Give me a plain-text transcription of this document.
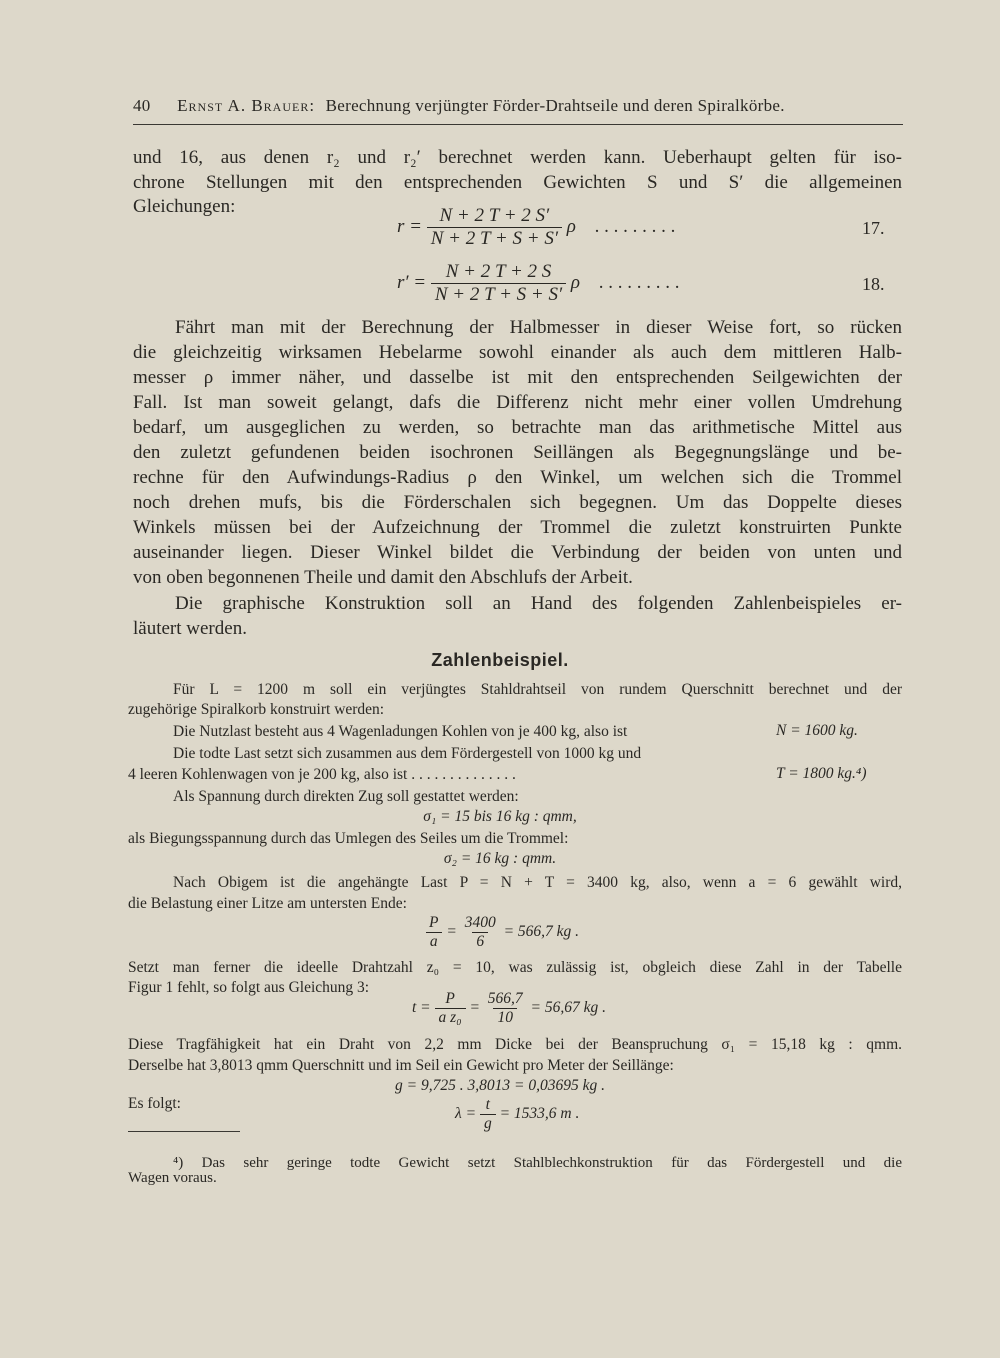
40 Ernst A. Brauer: Berechnung verjüngter Förder-Drahtseile und deren Spiralkörbe.
und 16, aus denen r₂ und r₂′ berechnet werden kann. Ueberhaupt gelten für iso-
chrone Stellungen mit den entsprechenden Gewichten S und S′ die allgemeinen
Gleichungen:
$r = \frac{N + 2 T + 2 S'}{N + 2 T + S + S'}$ ρ . . . . . . . . .	17.
$r' = \frac{N + 2 T + 2 S}{N + 2 T + S + S'}$ ρ . . . . . . . . .	18.
Fährt man mit der Berechnung der Halbmesser in dieser Weise fort, so rücken
die gleichzeitig wirksamen Hebelarme sowohl einander als auch dem mittleren Halb-
messer ρ immer näher, und dasselbe ist mit den entsprechenden Seilgewichten der
Fall. Ist man soweit gelangt, dafs die Differenz nicht mehr einer vollen Umdrehung
bedarf, um ausgeglichen zu werden, so betrachte man das arithmetische Mittel aus
den zuletzt gefundenen beiden isochronen Seillängen als Begegnungslänge und be-
rechne für den Aufwindungs-Radius ρ den Winkel, um welchen sich die Trommel
noch drehen mufs, bis die Förderschalen sich begegnen. Um das Doppelte dieses
Winkels müssen bei der Aufzeichnung der Trommel die zuletzt konstruirten Punkte
auseinander liegen. Dieser Winkel bildet die Verbindung der beiden von unten und
von oben begonnenen Theile und damit den Abschlufs der Arbeit.
Die graphische Konstruktion soll an Hand des folgenden Zahlenbeispieles er-
läutert werden.
Zahlenbeispiel.
Für L = 1200 m soll ein verjüngtes Stahldrahtseil von rundem Querschnitt berechnet und der
zugehörige Spiralkorb konstruirt werden:
Die Nutzlast besteht aus 4 Wagenladungen Kohlen von je 400 kg, also ist	N = 1600 kg.
Die todte Last setzt sich zusammen aus dem Fördergestell von 1000 kg und
4 leeren Kohlenwagen von je 200 kg, also ist . . . . . . . . . . . . . .	T = 1800 kg.⁴)
Als Spannung durch direkten Zug soll gestattet werden:
σ₁ = 15 bis 16 kg : qmm,
als Biegungsspannung durch das Umlegen des Seiles um die Trommel:
σ₂ = 16 kg : qmm.
Nach Obigem ist die angehängte Last P = N + T = 3400 kg, also, wenn a = 6 gewählt wird,
die Belastung einer Litze am untersten Ende:
$\frac{P}{a} = \frac{3400}{6} = 566,7$ kg .
Setzt man ferner die ideelle Drahtzahl z₀ = 10, was zulässig ist, obgleich diese Zahl in der Tabelle
Figur 1 fehlt, so folgt aus Gleichung 3:
$t = \frac{P}{\text{a z₀}} = \frac{566,7}{10} = 56,67$ kg .
Diese Tragfähigkeit hat ein Draht von 2,2 mm Dicke bei der Beanspruchung σ₁ = 15,18 kg : qmm.
Derselbe hat 3,8013 qmm Querschnitt und im Seil ein Gewicht pro Meter der Seillänge:
g = 9,725 . 3,8013 = 0,03695 kg .
Es folgt:
$\lambda = \frac{t}{g} = 1533,6$ m .
⁴) Das sehr geringe todte Gewicht setzt Stahlblechkonstruktion für das Fördergestell und die
Wagen voraus.
